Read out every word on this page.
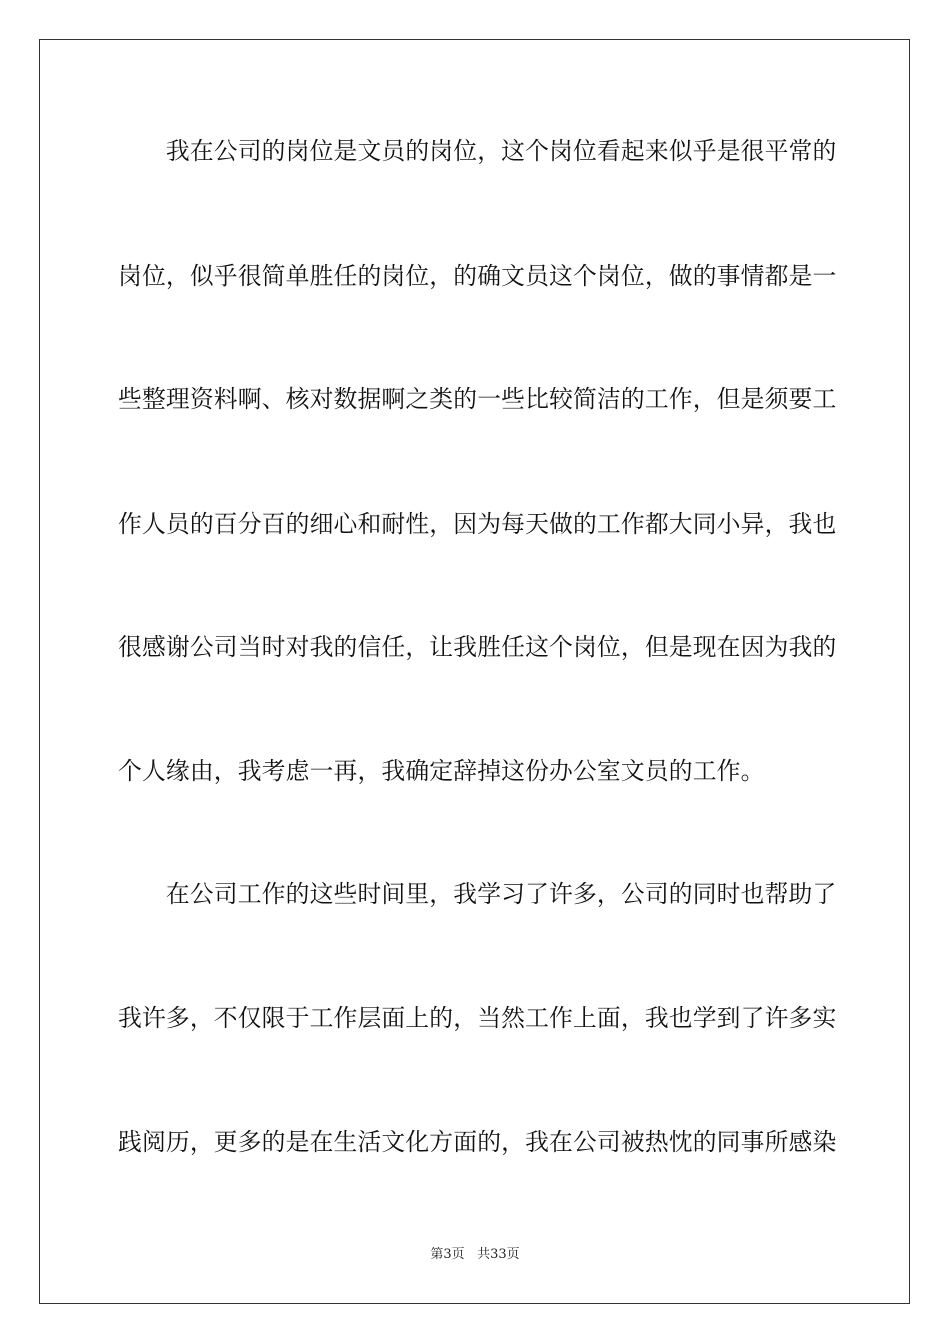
　　我在公司的岗位是文员的岗位，这个岗位看起来似乎是很平常的
岗位，似乎很简单胜任的岗位，的确文员这个岗位，做的事情都是一
些整理资料啊、核对数据啊之类的一些比较简洁的工作，但是须要工
作人员的百分百的细心和耐性，因为每天做的工作都大同小异，我也
很感谢公司当时对我的信任，让我胜任这个岗位，但是现在因为我的
个人缘由，我考虑一再，我确定辞掉这份办公室文员的工作。
　　在公司工作的这些时间里，我学习了许多，公司的同时也帮助了
我许多，不仅限于工作层面上的，当然工作上面，我也学到了许多实
践阅历，更多的是在生活文化方面的，我在公司被热忱的同事所感染
第3页 共33页
